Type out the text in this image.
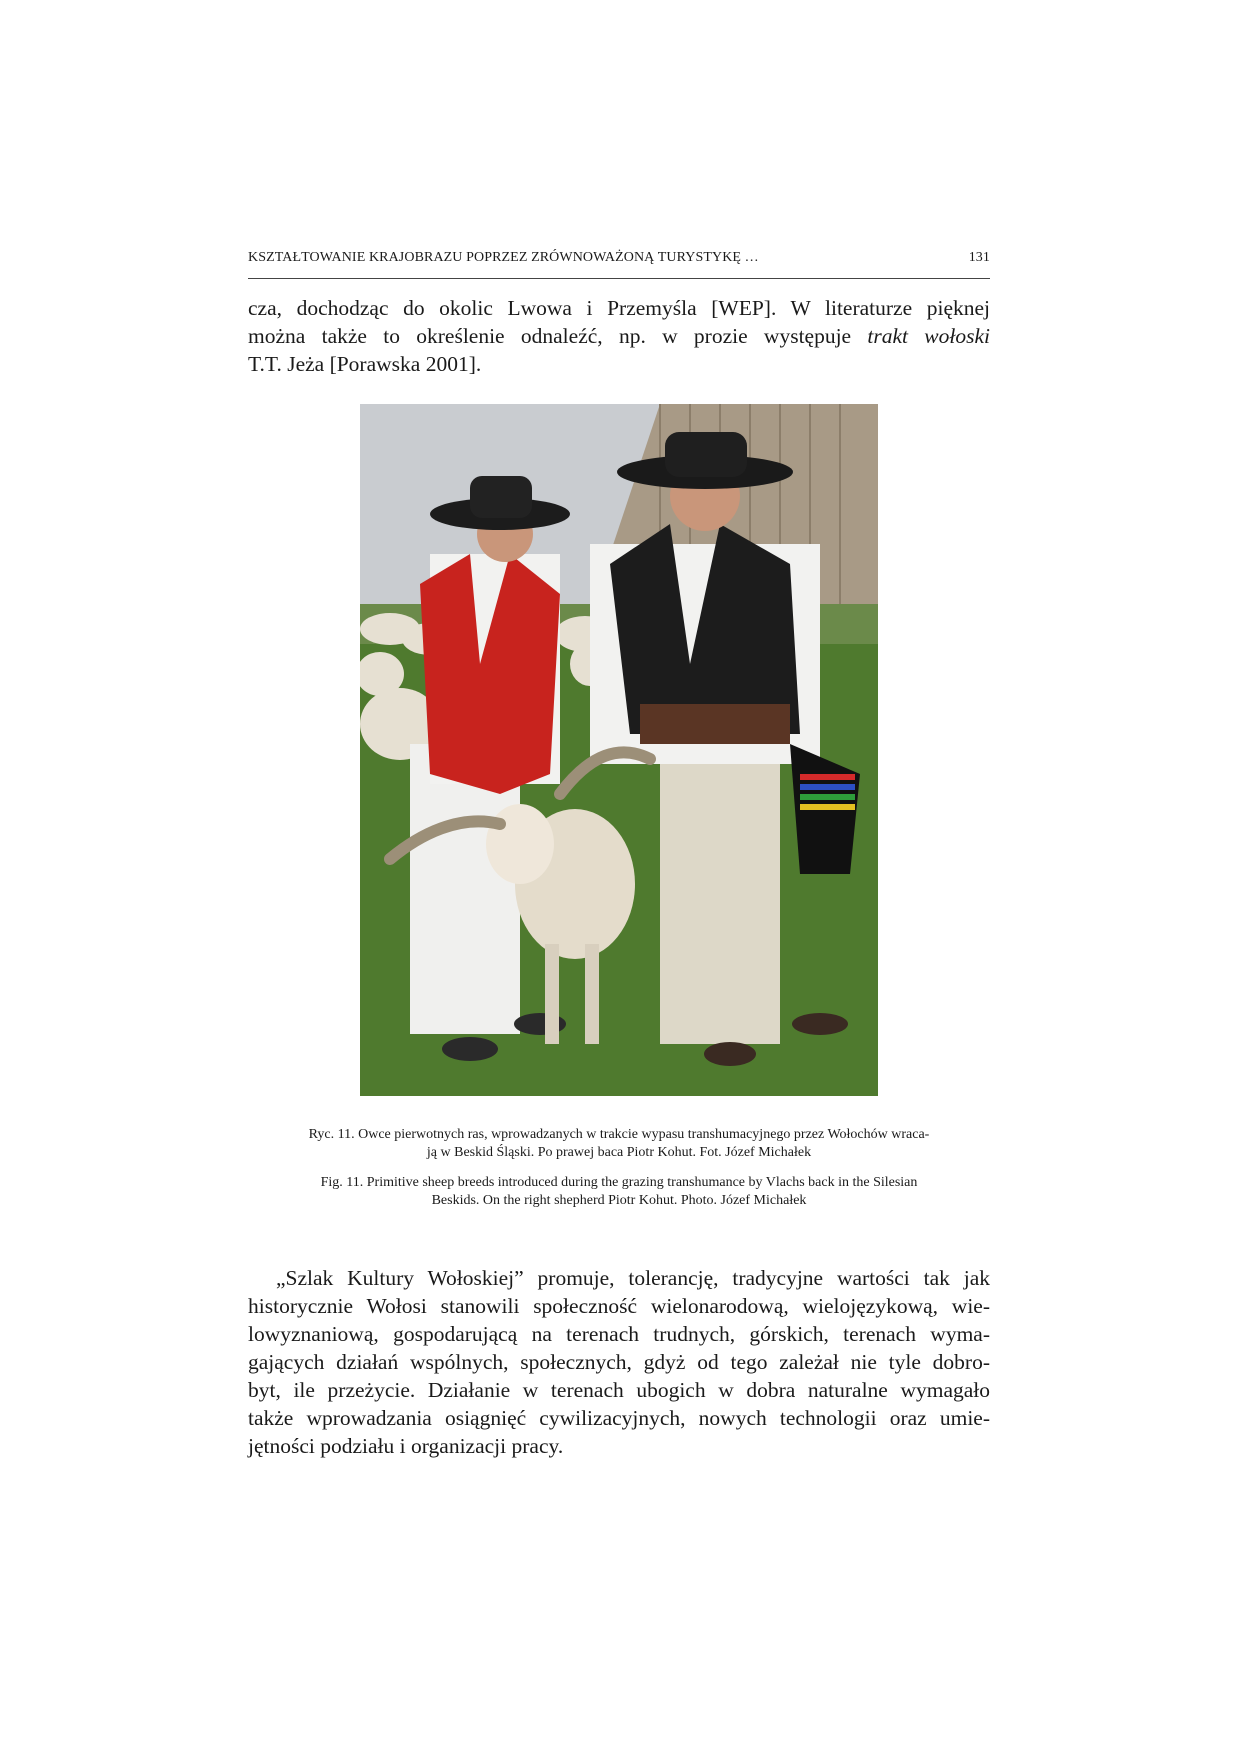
KSZTAŁTOWANIE KRAJOBRAZU POPRZEZ ZRÓWNOWAŻONĄ TURYSTYKĘ …	131

cza, dochodząc do okolic Lwowa i Przemyśla [WEP]. W literaturze pięknej
można także to określenie odnaleźć, np. w prozie występuje trakt wołoski
T.T. Jeża [Porawska 2001].

Ryc. 11. Owce pierwotnych ras, wprowadzanych w trakcie wypasu transhumacyjnego przez Wołochów wraca-
ją w Beskid Śląski. Po prawej baca Piotr Kohut. Fot. Józef Michałek

Fig. 11. Primitive sheep breeds introduced during the grazing transhumance by Vlachs back in the Silesian
Beskids. On the right shepherd Piotr Kohut. Photo. Józef Michałek

„Szlak Kultury Wołoskiej” promuje, tolerancję, tradycyjne wartości tak jak
historycznie Wołosi stanowili społeczność wielonarodową, wielojęzykową, wie-
lowyznaniową, gospodarującą na terenach trudnych, górskich, terenach wyma-
gających działań wspólnych, społecznych, gdyż od tego zależał nie tyle dobro-
byt, ile przeżycie. Działanie w terenach ubogich w dobra naturalne wymagało
także wprowadzania osiągnięć cywilizacyjnych, nowych technologii oraz umie-
jętności podziału i organizacji pracy.
